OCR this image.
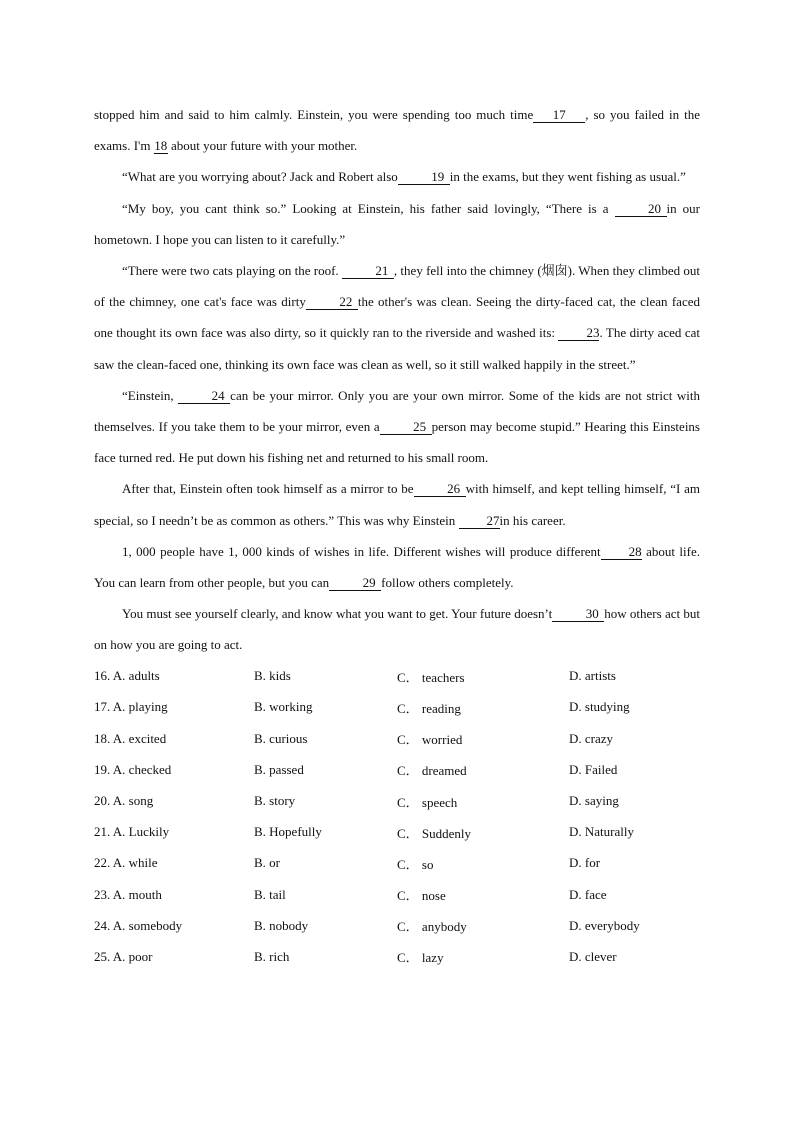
stopped him and said to him calmly. Einstein, you were spending too much time 17 , so you failed in the exams. I'm 18 about your future with your mother.

“What are you worrying about? Jack and Robert also	19 in the exams, but they went fishing as usual.”

“My boy, you cant think so.” Looking at Einstein, his father said lovingly, “There is a	20 in our hometown. I hope you can listen to it carefully.”

“There were two cats playing on the roof.	21 , they fell into the chimney (烟囱). When they climbed out of the chimney, one cat's face was dirty	22 the other's was clean. Seeing the dirty-faced cat, the clean faced one thought its own face was also dirty, so it quickly ran to the riverside and washed its: 23. The dirty aced cat saw the clean-faced one, thinking its own face was clean as well, so it still walked happily in the street.”

“Einstein,	24 can be your mirror. Only you are your own mirror. Some of the kids are not strict with themselves. If you take them to be your mirror, even a	25 person may become stupid.” Hearing this Einsteins face turned red. He put down his fishing net and returned to his small room.

After that, Einstein often took himself as a mirror to be	26 with himself, and kept telling himself, “I am special, so I needn’t be as common as others.” This was why Einstein 27in his career.

1, 000 people have 1, 000 kinds of wishes in life. Different wishes will produce different 28 about life. You can learn from other people, but you can	29 follow others completely.

You must see yourself clearly, and know what you want to get. Your future doesn’t	30 how others act but on how you are going to act.

16. A. adults	B. kids	C． teachers	D. artists
17. A. playing	B. working	C． reading	D. studying
18. A. excited	B. curious	C． worried	D. crazy
19. A. checked	B. passed	C． dreamed	D. Failed
20. A. song	B. story	C． speech	D. saying
21. A. Luckily	B. Hopefully	C． Suddenly	D. Naturally
22. A. while	B. or	C． so	D. for
23. A. mouth	B. tail	C． nose	D. face
24. A. somebody	B. nobody	C． anybody	D. everybody
25. A. poor	B. rich	C． lazy	D. clever
